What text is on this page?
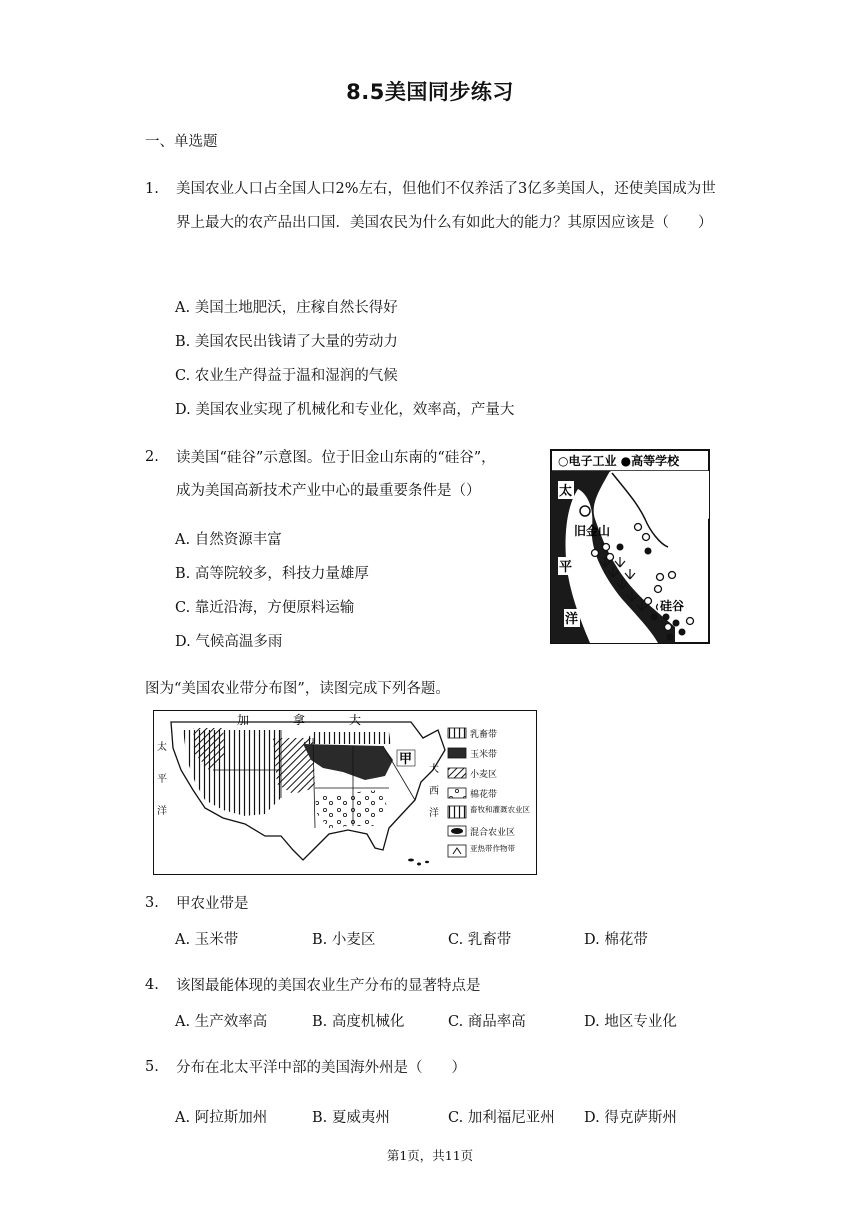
8.5美国同步练习
一、单选题
1. 美国农业人口占全国人口2%左右，但他们不仅养活了3亿多美国人，还使美国成为世界上最大的农产品出口国．美国农民为什么有如此大的能力？其原因应该是（　　）
A. 美国土地肥沃，庄稼自然长得好
B. 美国农民出钱请了大量的劳动力
C. 农业生产得益于温和湿润的气候
D. 美国农业实现了机械化和专业化，效率高，产量大
2. 读美国“硅谷”示意图。位于旧金山东南的“硅谷”，
成为美国高新技术产业中心的最重要条件是（）
A. 自然资源丰富
B. 高等院较多，科技力量雄厚
C. 靠近沿海，方便原料运输
D. 气候高温多雨
○电子工业 ●高等学校
太
平
洋
旧金山
硅谷
图为“美国农业带分布图”，读图完成下列各题。
加	拿	大
太
平
洋
大
西
洋
甲
乳畜带
玉米带
小麦区
棉花带
畜牧和灌溉农业区
混合农业区
亚热带作物带
3. 甲农业带是
A. 玉米带	B. 小麦区	C. 乳畜带	D. 棉花带
4. 该图最能体现的美国农业生产分布的显著特点是
A. 生产效率高	B. 高度机械化	C. 商品率高	D. 地区专业化
5. 分布在北太平洋中部的美国海外州是（　　）
A. 阿拉斯加州	B. 夏威夷州	C. 加利福尼亚州 D. 得克萨斯州
第1页，共11页
